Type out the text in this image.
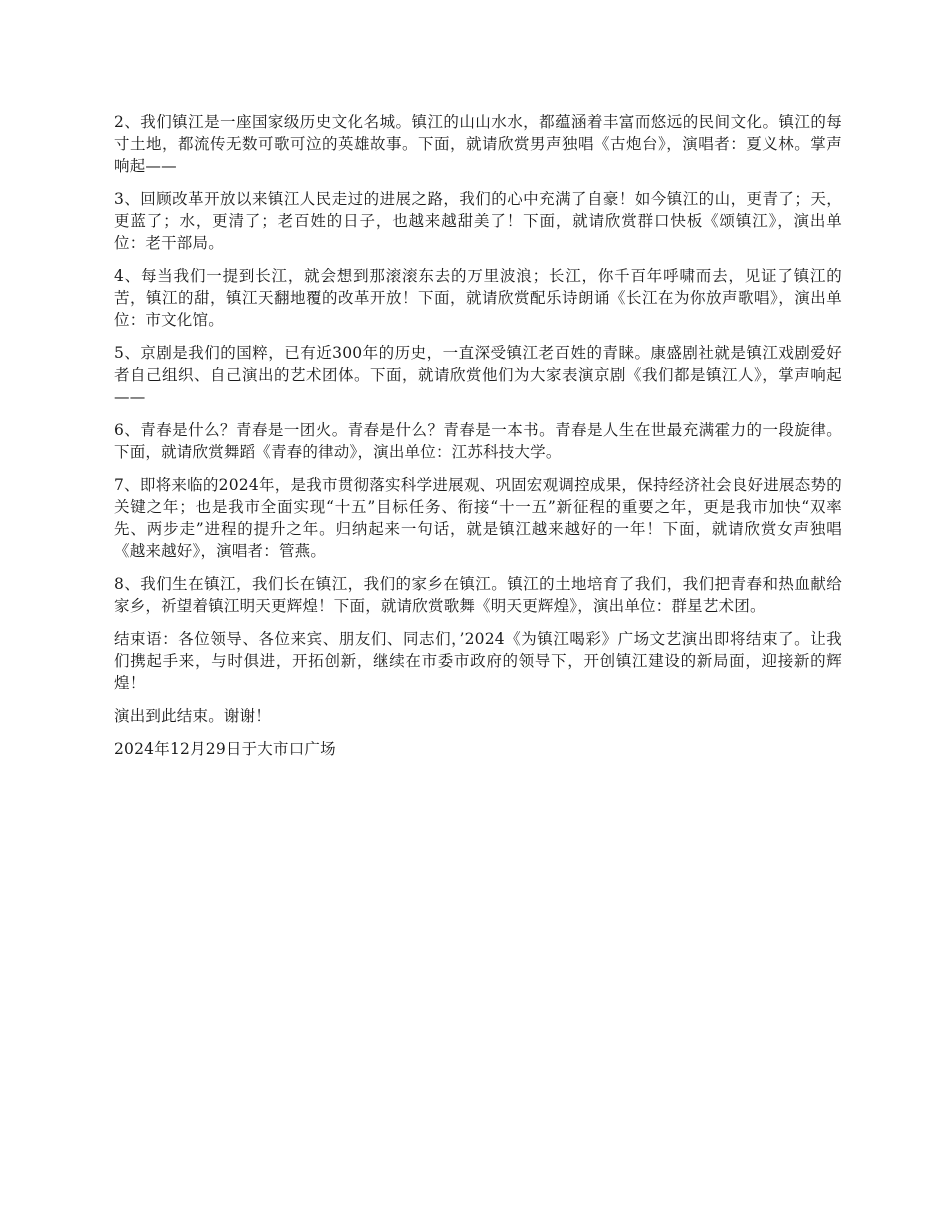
2、我们镇江是一座国家级历史文化名城。镇江的山山水水，都蕴涵着丰富而悠远的民间文化。镇江的每寸土地，都流传无数可歌可泣的英雄故事。下面，就请欣赏男声独唱《古炮台》，演唱者：夏义林。掌声响起——

3、回顾改革开放以来镇江人民走过的进展之路，我们的心中充满了自豪！如今镇江的山，更青了；天，更蓝了；水，更清了；老百姓的日子，也越来越甜美了！下面，就请欣赏群口快板《颂镇江》，演出单位：老干部局。

4、每当我们一提到长江，就会想到那滚滚东去的万里波浪；长江，你千百年呼啸而去，见证了镇江的苦，镇江的甜，镇江天翻地覆的改革开放！下面，就请欣赏配乐诗朗诵《长江在为你放声歌唱》，演出单位：市文化馆。

5、京剧是我们的国粹，已有近300年的历史，一直深受镇江老百姓的青睐。康盛剧社就是镇江戏剧爱好者自己组织、自己演出的艺术团体。下面，就请欣赏他们为大家表演京剧《我们都是镇江人》，掌声响起——

6、青春是什么？青春是一团火。青春是什么？青春是一本书。青春是人生在世最充满霍力的一段旋律。下面，就请欣赏舞蹈《青春的律动》，演出单位：江苏科技大学。

7、即将来临的2024年，是我市贯彻落实科学进展观、巩固宏观调控成果，保持经济社会良好进展态势的关键之年；也是我市全面实现“十五”目标任务、衔接“十一五”新征程的重要之年，更是我市加快“双率先、两步走”进程的提升之年。归纳起来一句话，就是镇江越来越好的一年！下面，就请欣赏女声独唱《越来越好》，演唱者：管燕。

8、我们生在镇江，我们长在镇江，我们的家乡在镇江。镇江的土地培育了我们，我们把青春和热血献给家乡，祈望着镇江明天更辉煌！下面，就请欣赏歌舞《明天更辉煌》，演出单位：群星艺术团。

结束语：各位领导、各位来宾、朋友们、同志们，’2024《为镇江喝彩》广场文艺演出即将结束了。让我们携起手来，与时俱进，开拓创新，继续在市委市政府的领导下，开创镇江建设的新局面，迎接新的辉煌！

演出到此结束。谢谢！

2024年12月29日于大市口广场
